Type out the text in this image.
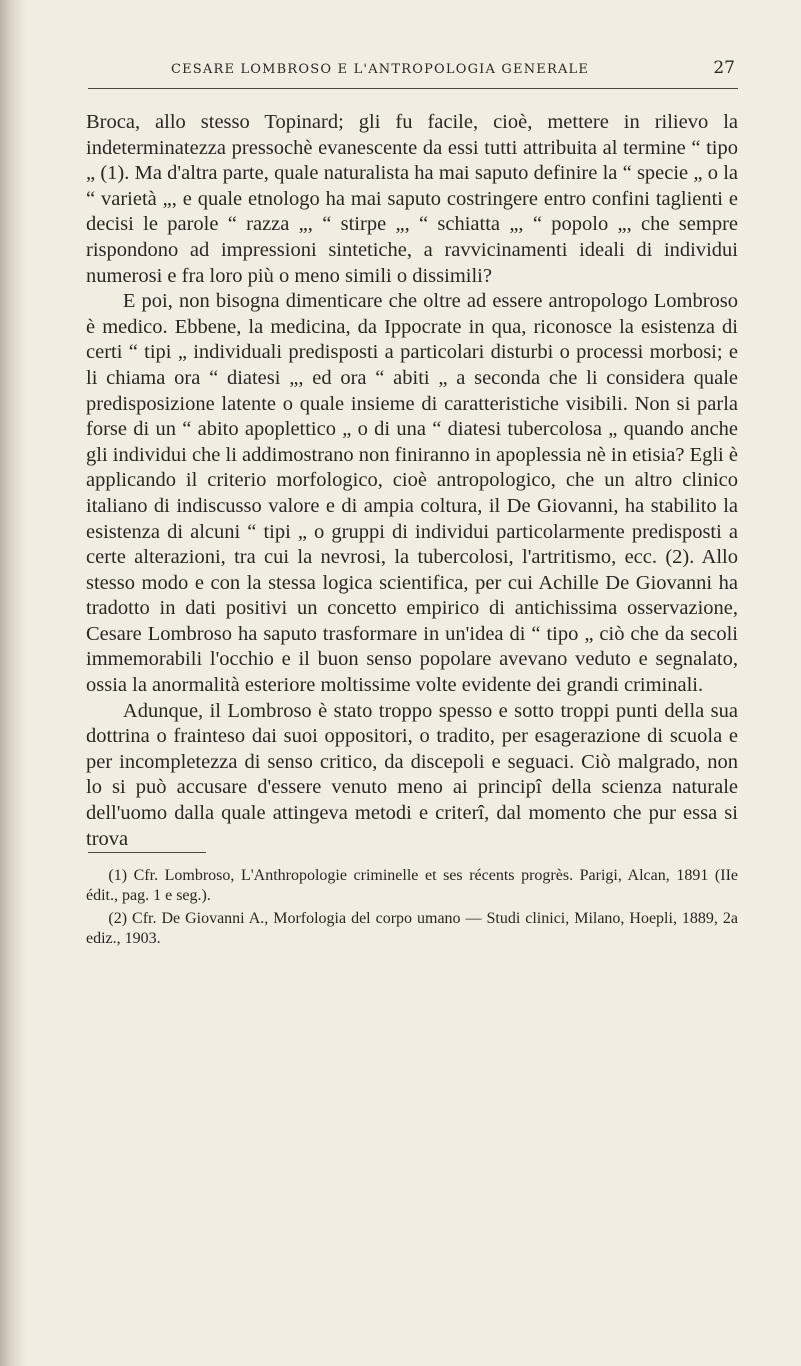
CESARE LOMBROSO E L'ANTROPOLOGIA GENERALE	27

Broca, allo stesso Topinard; gli fu facile, cioè, mettere in rilievo la indeterminatezza pressochè evanescente da essi tutti attribuita al termine “ tipo „ (1). Ma d'altra parte, quale naturalista ha mai saputo definire la “ specie „ o la “ varietà „, e quale etnologo ha mai saputo costringere entro confini taglienti e decisi le parole “ razza „, “ stirpe „, “ schiatta „, “ popolo „, che sempre rispondono ad impressioni sintetiche, a ravvicinamenti ideali di individui numerosi e fra loro più o meno simili o dissimili?

E poi, non bisogna dimenticare che oltre ad essere antropologo Lombroso è medico. Ebbene, la medicina, da Ippocrate in qua, riconosce la esistenza di certi “ tipi „ individuali predisposti a particolari disturbi o processi morbosi; e li chiama ora “ diatesi „, ed ora “ abiti „ a seconda che li considera quale predisposizione latente o quale insieme di caratteristiche visibili. Non si parla forse di un “ abito apoplettico „ o di una “ diatesi tubercolosa „ quando anche gli individui che li addimostrano non finiranno in apoplessia nè in etisia? Egli è applicando il criterio morfologico, cioè antropologico, che un altro clinico italiano di indiscusso valore e di ampia coltura, il De Giovanni, ha stabilito la esistenza di alcuni “ tipi „ o gruppi di individui particolarmente predisposti a certe alterazioni, tra cui la nevrosi, la tubercolosi, l'artritismo, ecc. (2). Allo stesso modo e con la stessa logica scientifica, per cui Achille De Giovanni ha tradotto in dati positivi un concetto empirico di antichissima osservazione, Cesare Lombroso ha saputo trasformare in un'idea di “ tipo „ ciò che da secoli immemorabili l'occhio e il buon senso popolare avevano veduto e segnalato, ossia la anormalità esteriore moltissime volte evidente dei grandi criminali.

Adunque, il Lombroso è stato troppo spesso e sotto troppi punti della sua dottrina o frainteso dai suoi oppositori, o tradito, per esagerazione di scuola e per incompletezza di senso critico, da discepoli e seguaci. Ciò malgrado, non lo si può accusare d'essere venuto meno ai principî della scienza naturale dell'uomo dalla quale attingeva metodi e criterî, dal momento che pur essa si trova

(1) Cfr. Lombroso, L'Anthropologie criminelle et ses récents progrès. Parigi, Alcan, 1891 (IIe édit., pag. 1 e seg.).

(2) Cfr. De Giovanni A., Morfologia del corpo umano — Studi clinici, Milano, Hoepli, 1889, 2a ediz., 1903.
